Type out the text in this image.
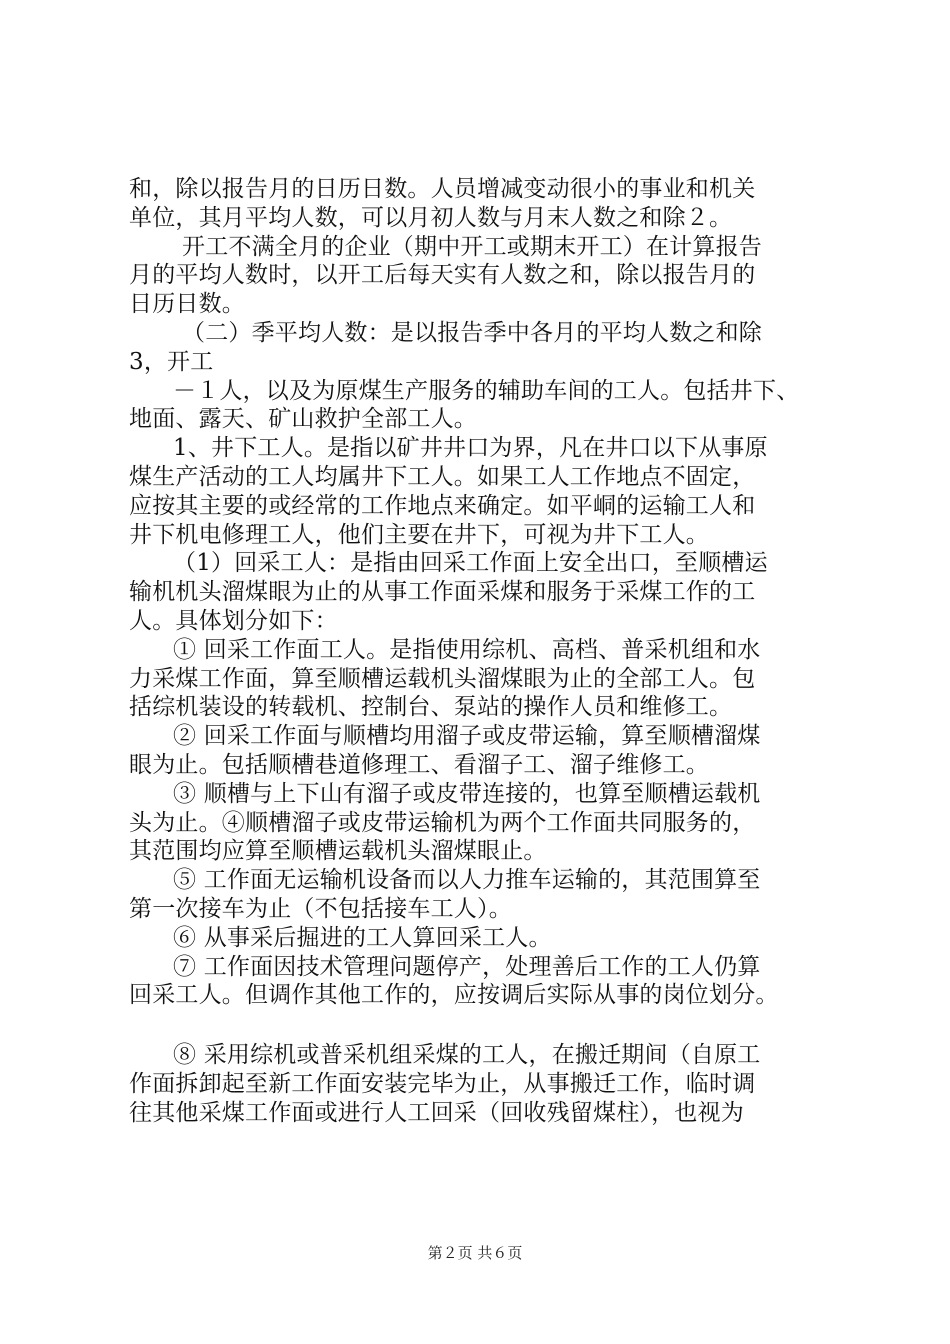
和，除以报告月的日历日数。人员增减变动很小的事业和机关
单位，其月平均人数，可以月初人数与月末人数之和除２。
开工不满全月的企业（期中开工或期末开工）在计算报告
月的平均人数时，以开工后每天实有人数之和，除以报告月的
日历日数。
（二）季平均人数：是以报告季中各月的平均人数之和除
3，开工
－１人，以及为原煤生产服务的辅助车间的工人。包括井下、
地面、露天、矿山救护全部工人。
1、井下工人。是指以矿井井口为界，凡在井口以下从事原
煤生产活动的工人均属井下工人。如果工人工作地点不固定，
应按其主要的或经常的工作地点来确定。如平峒的运输工人和
井下机电修理工人，他们主要在井下，可视为井下工人。
（1）回采工人：是指由回采工作面上安全出口，至顺槽运
输机机头溜煤眼为止的从事工作面采煤和服务于采煤工作的工
人。具体划分如下：
① 回采工作面工人。是指使用综机、高档、普采机组和水
力采煤工作面，算至顺槽运载机头溜煤眼为止的全部工人。包
括综机装设的转载机、控制台、泵站的操作人员和维修工。
② 回采工作面与顺槽均用溜子或皮带运输，算至顺槽溜煤
眼为止。包括顺槽巷道修理工、看溜子工、溜子维修工。
③ 顺槽与上下山有溜子或皮带连接的，也算至顺槽运载机
头为止。④顺槽溜子或皮带运输机为两个工作面共同服务的，
其范围均应算至顺槽运载机头溜煤眼止。
⑤ 工作面无运输机设备而以人力推车运输的，其范围算至
第一次接车为止（不包括接车工人）。
⑥ 从事采后掘进的工人算回采工人。
⑦ 工作面因技术管理问题停产，处理善后工作的工人仍算
回采工人。但调作其他工作的，应按调后实际从事的岗位划分。
⑧ 采用综机或普采机组采煤的工人，在搬迁期间（自原工
作面拆卸起至新工作面安装完毕为止，从事搬迁工作，临时调
往其他采煤工作面或进行人工回采（回收残留煤柱），也视为
第２页 共６页
